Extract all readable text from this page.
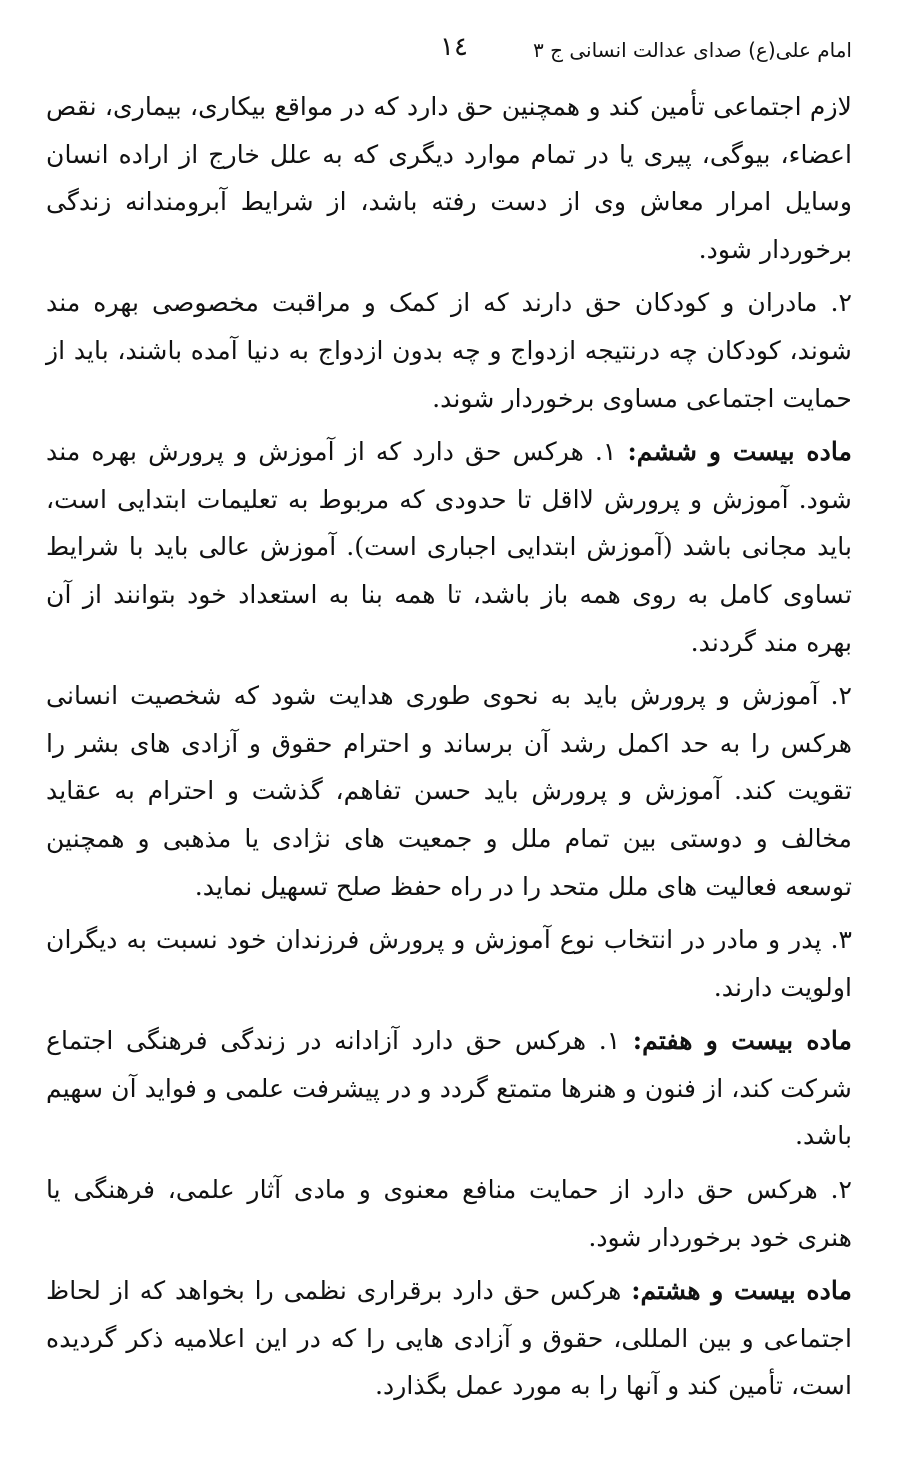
امام علی(ع) صدای عدالت انسانی ج ۳
۱٤

لازم اجتماعی تأمین کند و همچنین حق دارد که در مواقع بیکاری، بیماری، نقص اعضاء، بیوگی، پیری یا در تمام موارد دیگری که به علل خارج از اراده انسان وسایل امرار معاش وی از دست رفته باشد، از شرایط آبرومندانه زندگی برخوردار شود.

۲. مادران و کودکان حق دارند که از کمک و مراقبت مخصوصی بهره مند شوند، کودکان چه درنتیجه ازدواج و چه بدون ازدواج به دنیا آمده باشند، باید از حمایت اجتماعی مساوی برخوردار شوند.

ماده بیست و ششم: ۱. هرکس حق دارد که از آموزش و پرورش بهره مند شود. آموزش و پرورش لااقل تا حدودی که مربوط به تعلیمات ابتدایی است، باید مجانی باشد (آموزش ابتدایی اجباری است). آموزش عالی باید با شرایط تساوی کامل به روی همه باز باشد، تا همه بنا به استعداد خود بتوانند از آن بهره مند گردند.

۲. آموزش و پرورش باید به نحوی طوری هدایت شود که شخصیت انسانی هرکس را به حد اکمل رشد آن برساند و احترام حقوق و آزادی های بشر را تقویت کند. آموزش و پرورش باید حسن تفاهم، گذشت و احترام به عقاید مخالف و دوستی بین تمام ملل و جمعیت های نژادی یا مذهبی و همچنین توسعه فعالیت های ملل متحد را در راه حفظ صلح تسهیل نماید.

۳. پدر و مادر در انتخاب نوع آموزش و پرورش فرزندان خود نسبت به دیگران اولویت دارند.

ماده بیست و هفتم: ۱. هرکس حق دارد آزادانه در زندگی فرهنگی اجتماع شرکت کند، از فنون و هنرها متمتع گردد و در پیشرفت علمی و فواید آن سهیم باشد.

۲. هرکس حق دارد از حمایت منافع معنوی و مادی آثار علمی، فرهنگی یا هنری خود برخوردار شود.

ماده بیست و هشتم: هرکس حق دارد برقراری نظمی را بخواهد که از لحاظ اجتماعی و بین المللی، حقوق و آزادی هایی را که در این اعلامیه ذکر گردیده است، تأمین کند و آنها را به مورد عمل بگذارد.
